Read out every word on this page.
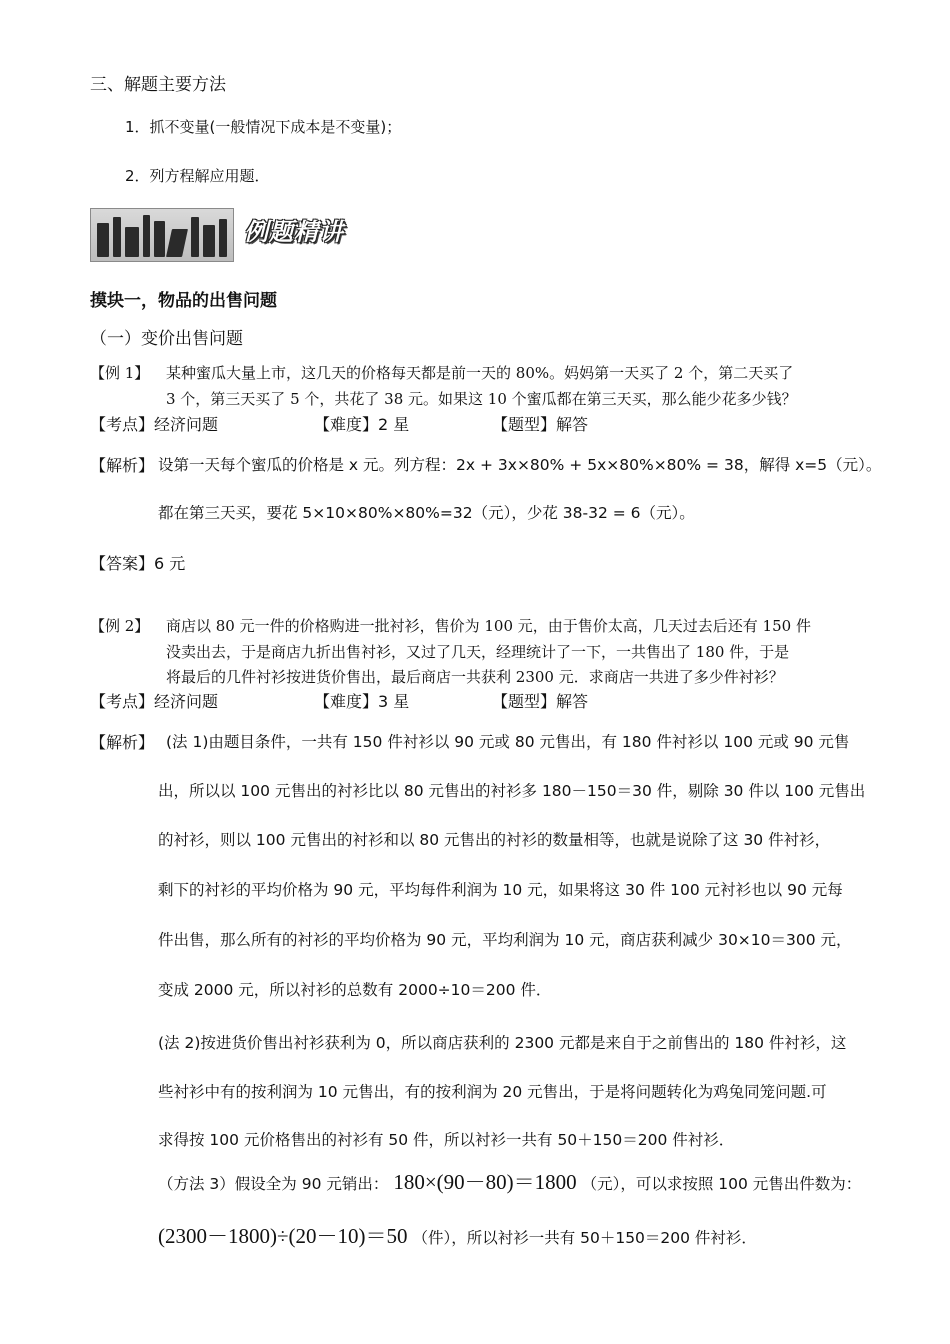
三、解题主要方法
1．抓不变量(一般情况下成本是不变量)；
2．列方程解应用题．
例题精讲
摸块一，物品的出售问题
（一）变价出售问题
【例 1】 某种蜜瓜大量上市，这几天的价格每天都是前一天的 80%。妈妈第一天买了 2 个，第二天买了
3 个，第三天买了 5 个，共花了 38 元。如果这 10 个蜜瓜都在第三天买，那么能少花多少钱？
【考点】经济问题	【难度】2 星	【题型】解答
【解析】 设第一天每个蜜瓜的价格是 x 元。列方程：2x + 3x×80% + 5x×80%×80% = 38，解得 x=5（元）。
都在第三天买，要花 5×10×80%×80%=32（元），少花 38-32 = 6（元）。
【答案】6 元
【例 2】 商店以 80 元一件的价格购进一批衬衫，售价为 100 元，由于售价太高，几天过去后还有 150 件
没卖出去，于是商店九折出售衬衫，又过了几天，经理统计了一下，一共售出了 180 件，于是
将最后的几件衬衫按进货价售出，最后商店一共获利 2300 元．求商店一共进了多少件衬衫？
【考点】经济问题	【难度】3 星	【题型】解答
【解析】 (法 1)由题目条件，一共有 150 件衬衫以 90 元或 80 元售出，有 180 件衬衫以 100 元或 90 元售
出，所以以 100 元售出的衬衫比以 80 元售出的衬衫多 180－150＝30 件，剔除 30 件以 100 元售出
的衬衫，则以 100 元售出的衬衫和以 80 元售出的衬衫的数量相等，也就是说除了这 30 件衬衫，
剩下的衬衫的平均价格为 90 元，平均每件利润为 10 元，如果将这 30 件 100 元衬衫也以 90 元每
件出售，那么所有的衬衫的平均价格为 90 元，平均利润为 10 元，商店获利减少 30×10＝300 元，
变成 2000 元，所以衬衫的总数有 2000÷10＝200 件．
(法 2)按进货价售出衬衫获利为 0，所以商店获利的 2300 元都是来自于之前售出的 180 件衬衫，这
些衬衫中有的按利润为 10 元售出，有的按利润为 20 元售出，于是将问题转化为鸡兔同笼问题.可
求得按 100 元价格售出的衬衫有 50 件，所以衬衫一共有 50＋150＝200 件衬衫．
（方法 3）假设全为 90 元销出： 180×(90－80)＝1800 （元），可以求按照 100 元售出件数为：
(2300－1800)÷(20－10)＝50 （件），所以衬衫一共有 50＋150＝200 件衬衫．
